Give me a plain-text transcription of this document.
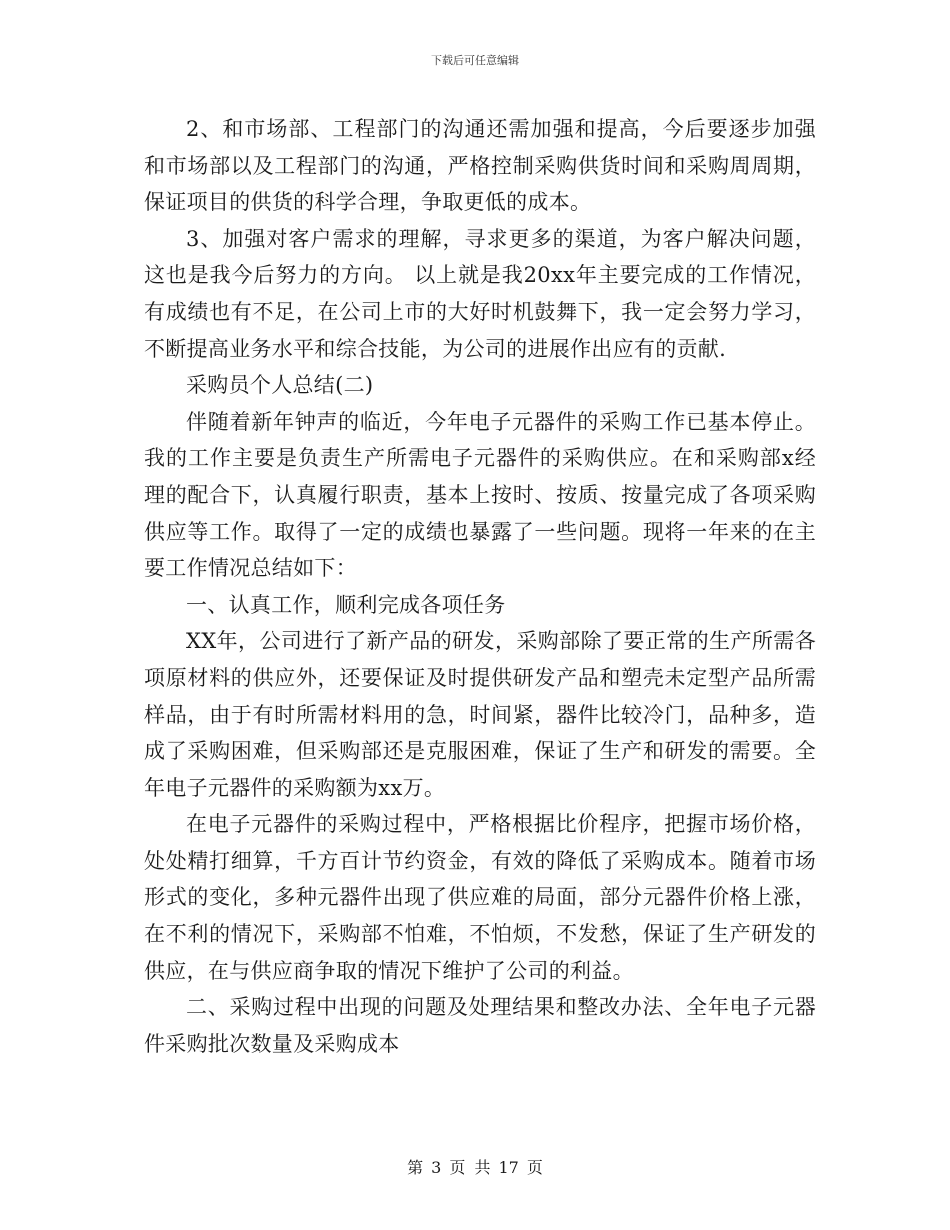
下载后可任意编辑

2、和市场部、工程部门的沟通还需加强和提高，今后要逐步加强和市场部以及工程部门的沟通，严格控制采购供货时间和采购周周期，保证项目的供货的科学合理，争取更低的成本。

3、加强对客户需求的理解，寻求更多的渠道，为客户解决问题，这也是我今后努力的方向。 以上就是我20xx年主要完成的工作情况，有成绩也有不足，在公司上市的大好时机鼓舞下，我一定会努力学习，不断提高业务水平和综合技能，为公司的进展作出应有的贡献.

采购员个人总结(二)

伴随着新年钟声的临近，今年电子元器件的采购工作已基本停止。我的工作主要是负责生产所需电子元器件的采购供应。在和采购部x经理的配合下，认真履行职责，基本上按时、按质、按量完成了各项采购供应等工作。取得了一定的成绩也暴露了一些问题。现将一年来的在主要工作情况总结如下：

一、认真工作，顺利完成各项任务

XX年，公司进行了新产品的研发，采购部除了要正常的生产所需各项原材料的供应外，还要保证及时提供研发产品和塑壳未定型产品所需样品，由于有时所需材料用的急，时间紧，器件比较冷门，品种多，造成了采购困难，但采购部还是克服困难，保证了生产和研发的需要。全年电子元器件的采购额为xx万。

在电子元器件的采购过程中，严格根据比价程序，把握市场价格，处处精打细算，千方百计节约资金，有效的降低了采购成本。随着市场形式的变化，多种元器件出现了供应难的局面，部分元器件价格上涨，在不利的情况下，采购部不怕难，不怕烦，不发愁，保证了生产研发的供应，在与供应商争取的情况下维护了公司的利益。

二、采购过程中出现的问题及处理结果和整改办法、全年电子元器件采购批次数量及采购成本

第 3 页 共 17 页
